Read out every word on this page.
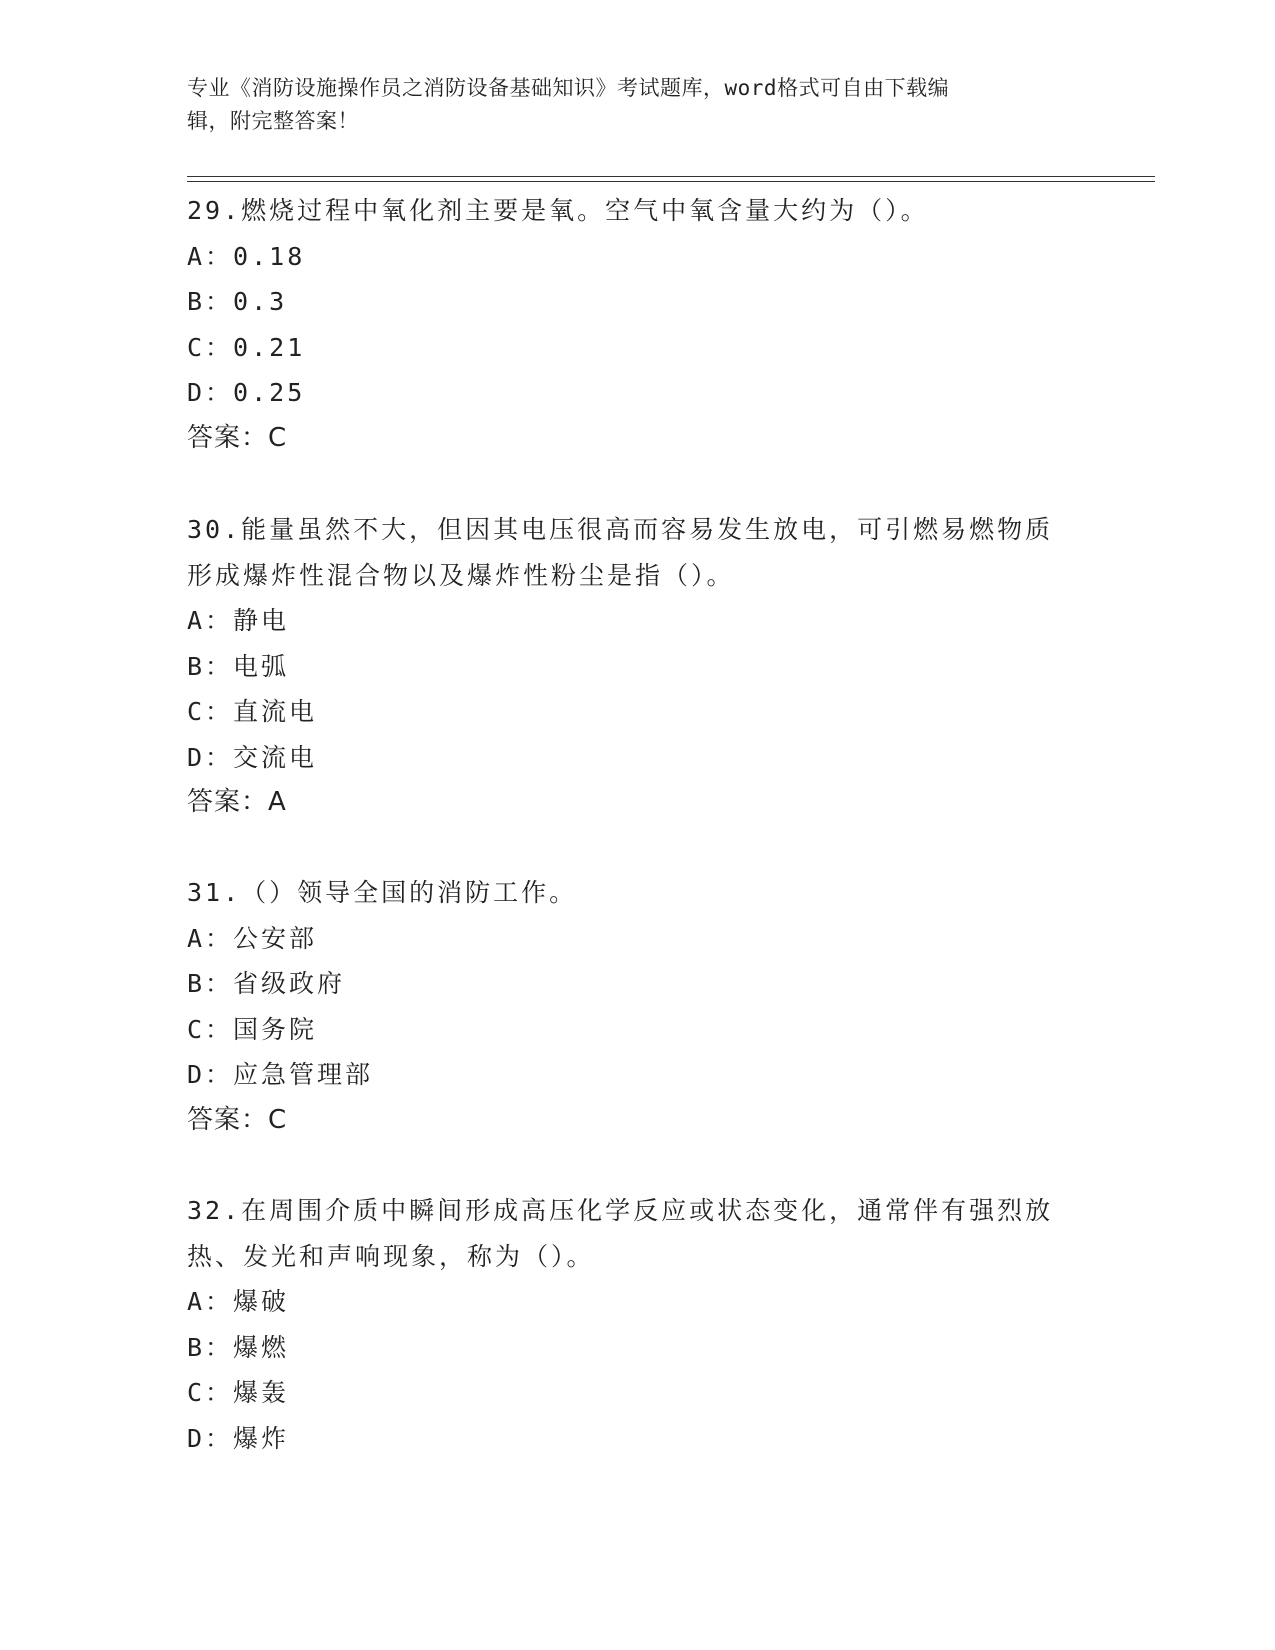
专业《消防设施操作员之消防设备基础知识》考试题库，word格式可自由下载编
辑，附完整答案！
29.燃烧过程中氧化剂主要是氧。空气中氧含量大约为（）。
A：0.18
B：0.3
C：0.21
D：0.25
答案：C
30.能量虽然不大，但因其电压很高而容易发生放电，可引燃易燃物质
形成爆炸性混合物以及爆炸性粉尘是指（）。
A：静电
B：电弧
C：直流电
D：交流电
答案：A
31.（）领导全国的消防工作。
A：公安部
B：省级政府
C：国务院
D：应急管理部
答案：C
32.在周围介质中瞬间形成高压化学反应或状态变化，通常伴有强烈放
热、发光和声响现象，称为（）。
A：爆破
B：爆燃
C：爆轰
D：爆炸
